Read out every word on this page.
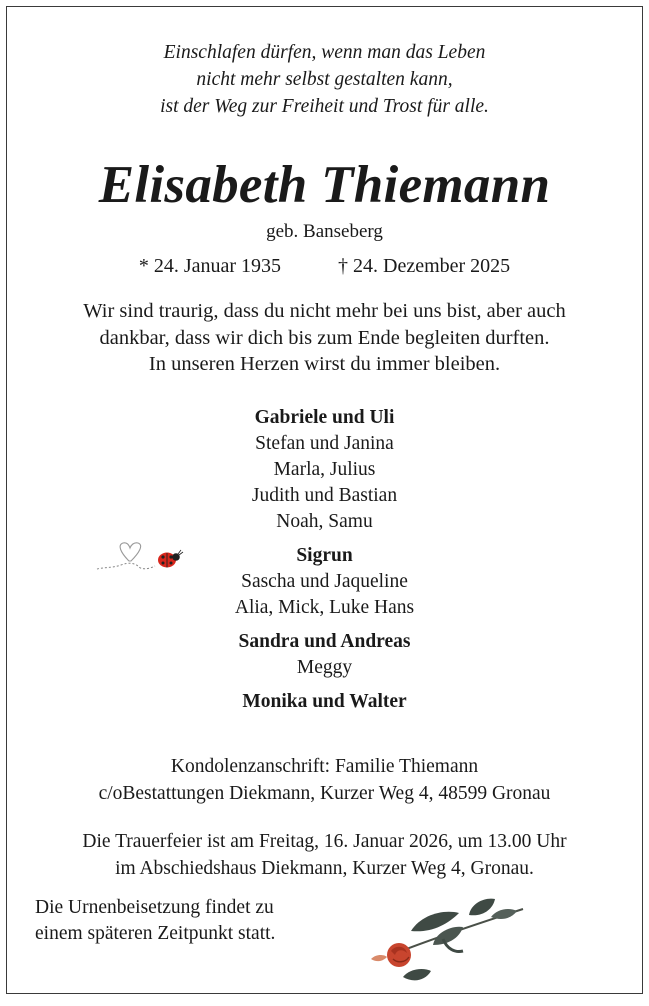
Einschlafen dürfen, wenn man das Leben
nicht mehr selbst gestalten kann,
ist der Weg zur Freiheit und Trost für alle.
Elisabeth Thiemann
geb. Banseberg
* 24. Januar 1935	† 24. Dezember 2025
Wir sind traurig, dass du nicht mehr bei uns bist, aber auch
dankbar, dass wir dich bis zum Ende begleiten durften.
In unseren Herzen wirst du immer bleiben.
Gabriele und Uli
Stefan und Janina
Marla, Julius
Judith und Bastian
Noah, Samu
Sigrun
Sascha und Jaqueline
Alia, Mick, Luke Hans
Sandra und Andreas
Meggy
Monika und Walter
Kondolenzanschrift: Familie Thiemann
c/oBestattungen Diekmann, Kurzer Weg 4, 48599 Gronau
Die Trauerfeier ist am Freitag, 16. Januar 2026, um 13.00 Uhr
im Abschiedshaus Diekmann, Kurzer Weg 4, Gronau.
Die Urnenbeisetzung findet zu
einem späteren Zeitpunkt statt.
